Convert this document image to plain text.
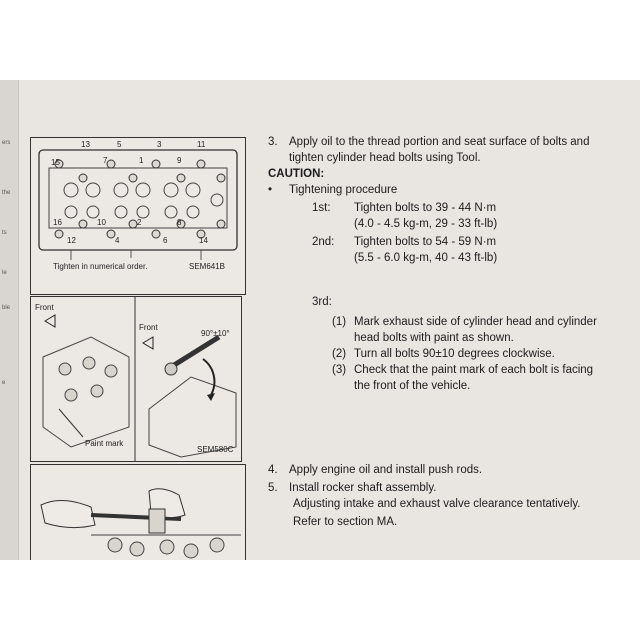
ers
the
ts
le
ble
e
13	5	3	11
15	7	1	9
16	10	2	8
12	4	6	14
Tighten in numerical order.	SEM641B
Front
Front
90°±10°
Paint mark
SEM580C
3. Apply oil to the thread portion and seat surface of bolts and
tighten cylinder head bolts using Tool.
CAUTION:
• Tightening procedure
1st: Tighten bolts to 39 - 44 N·m
(4.0 - 4.5 kg-m, 29 - 33 ft-lb)
2nd: Tighten bolts to 54 - 59 N·m
(5.5 - 6.0 kg-m, 40 - 43 ft-lb)
3rd:
(1) Mark exhaust side of cylinder head and cylinder
head bolts with paint as shown.
(2) Turn all bolts 90±10 degrees clockwise.
(3) Check that the paint mark of each bolt is facing
the front of the vehicle.
4. Apply engine oil and install push rods.
5. Install rocker shaft assembly.
Adjusting intake and exhaust valve clearance tentatively.
Refer to section MA.
